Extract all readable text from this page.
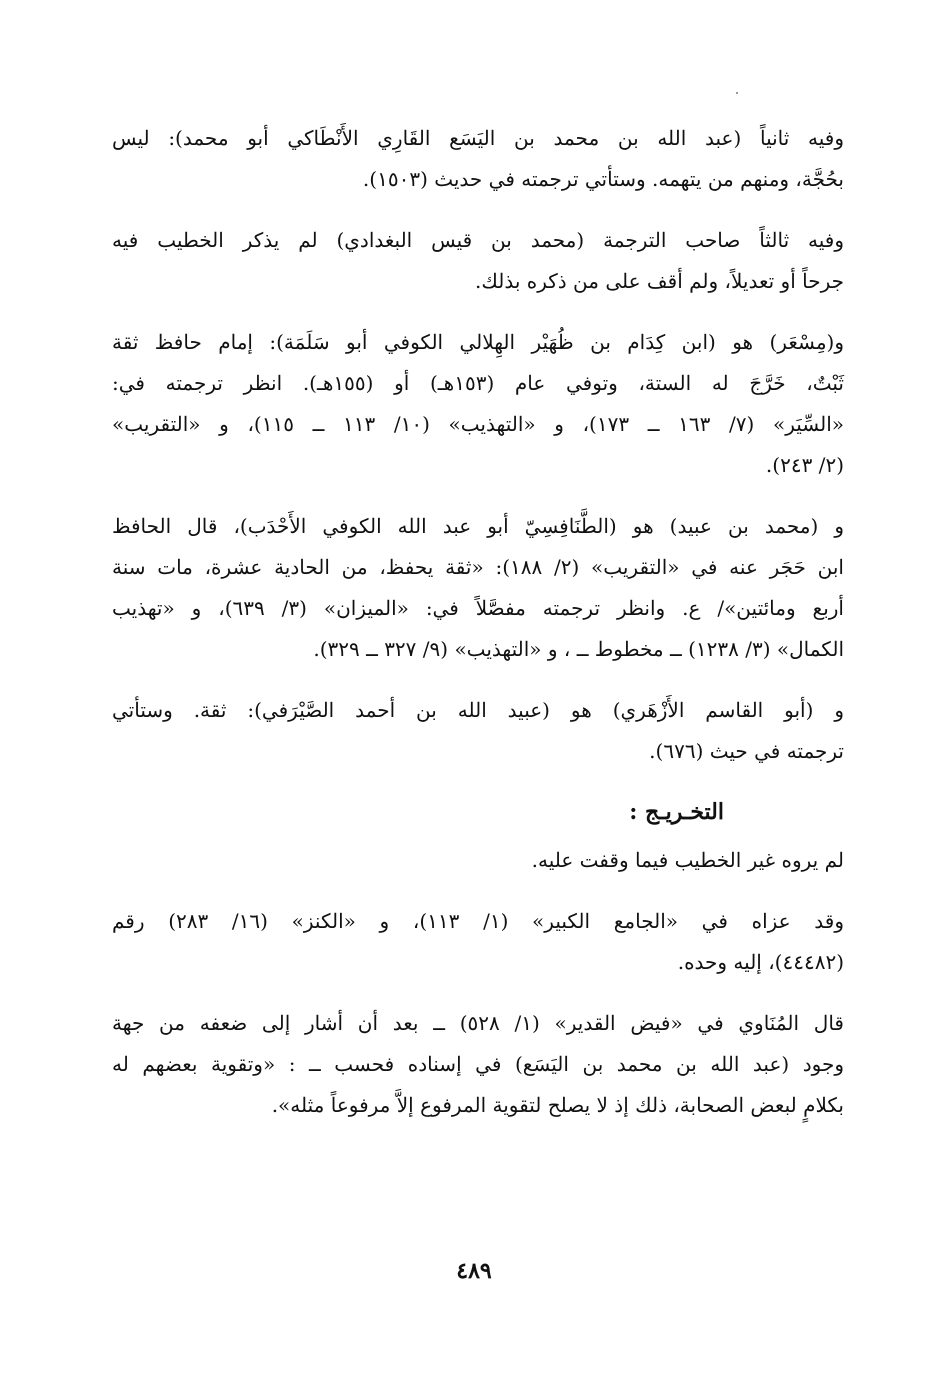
وفيه ثانياً (عبد الله بن محمد بن اليَسَع القَارِي الأَنْطَاكي أبو محمد): ليس
بحُجَّة، ومنهم من يتهمه. وستأتي ترجمته في حديث (١٥٠٣).

وفيه ثالثاً صاحب الترجمة (محمد بن قيس البغدادي) لم يذكر الخطيب فيه
جرحاً أو تعديلاً، ولم أقف على من ذكره بذلك.

و(مِسْعَر) هو (ابن كِدَام بن ظُهَيْر الهِلالي الكوفي أبو سَلَمَة): إمام حافظ ثقة
ثَبْتٌ، خَرَّجَ له الستة، وتوفي عام (١٥٣هـ) أو (١٥٥هـ). انظر ترجمته في:
«السِّيَر» (٧/ ١٦٣ ــ ١٧٣)، و «التهذيب» (١٠/ ١١٣ ــ ١١٥)، و «التقريب»
(٢/ ٢٤٣).

و (محمد بن عبيد) هو (الطَّنَافِسِيّ أبو عبد الله الكوفي الأَحْدَب)، قال الحافظ
ابن حَجَر عنه في «التقريب» (٢/ ١٨٨): «ثقة يحفظ، من الحادية عشرة، مات سنة
أربع ومائتين»/ ع. وانظر ترجمته مفصَّلاً في: «الميزان» (٣/ ٦٣٩)، و «تهذيب
الكمال» (٣/ ١٢٣٨) ــ مخطوط ــ ، و «التهذيب» (٩/ ٣٢٧ ــ ٣٢٩).

و (أبو القاسم الأَزْهَري) هو (عبيد الله بن أحمد الصَّيْرَفي): ثقة. وستأتي
ترجمته في حيث (٦٧٦).

التخـريـج :

لم يروه غير الخطيب فيما وقفت عليه.

وقد عزاه في «الجامع الكبير» (١/ ١١٣)، و «الكنز» (١٦/ ٢٨٣) رقم
(٤٤٤٨٢)، إليه وحده.

قال المُنَاوي في «فيض القدير» (١/ ٥٢٨) ــ بعد أن أشار إلى ضعفه من جهة
وجود (عبد الله بن محمد بن اليَسَع) في إسناده فحسب ــ : «وتقوية بعضهم له
بكلامٍ لبعض الصحابة، ذلك إذ لا يصلح لتقوية المرفوع إلاَّ مرفوعاً مثله».

٤٨٩
